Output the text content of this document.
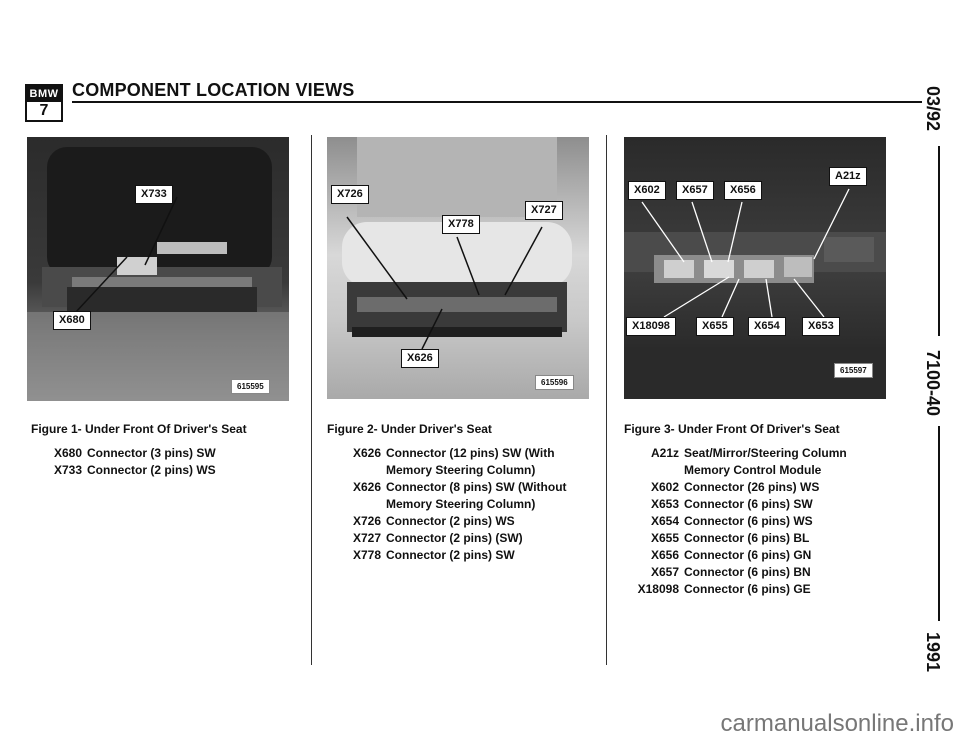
BMW
7
COMPONENT LOCATION VIEWS	03/92
7100-40
1991
X733
X680
615595
X726
X727
X778
X626
615596
X602	X657	X656
A21z
X18098	X655	X654	X653
615597
Figure 1- Under Front Of Driver's Seat	Figure 2- Under Driver's Seat	Figure 3- Under Front Of Driver's Seat
X680 Connector (3 pins) SW
X733 Connector (2 pins) WS
X626 Connector (12 pins) SW (With
Memory Steering Column)
X626 Connector (8 pins) SW (Without
Memory Steering Column)
X726 Connector (2 pins) WS
X727 Connector (2 pins) (SW)
X778 Connector (2 pins) SW
A21z Seat/Mirror/Steering Column
Memory Control Module
X602 Connector (26 pins) WS
X653 Connector (6 pins) SW
X654 Connector (6 pins) WS
X655 Connector (6 pins) BL
X656 Connector (6 pins) GN
X657 Connector (6 pins) BN
X18098 Connector (6 pins) GE
carmanualsonline.info
